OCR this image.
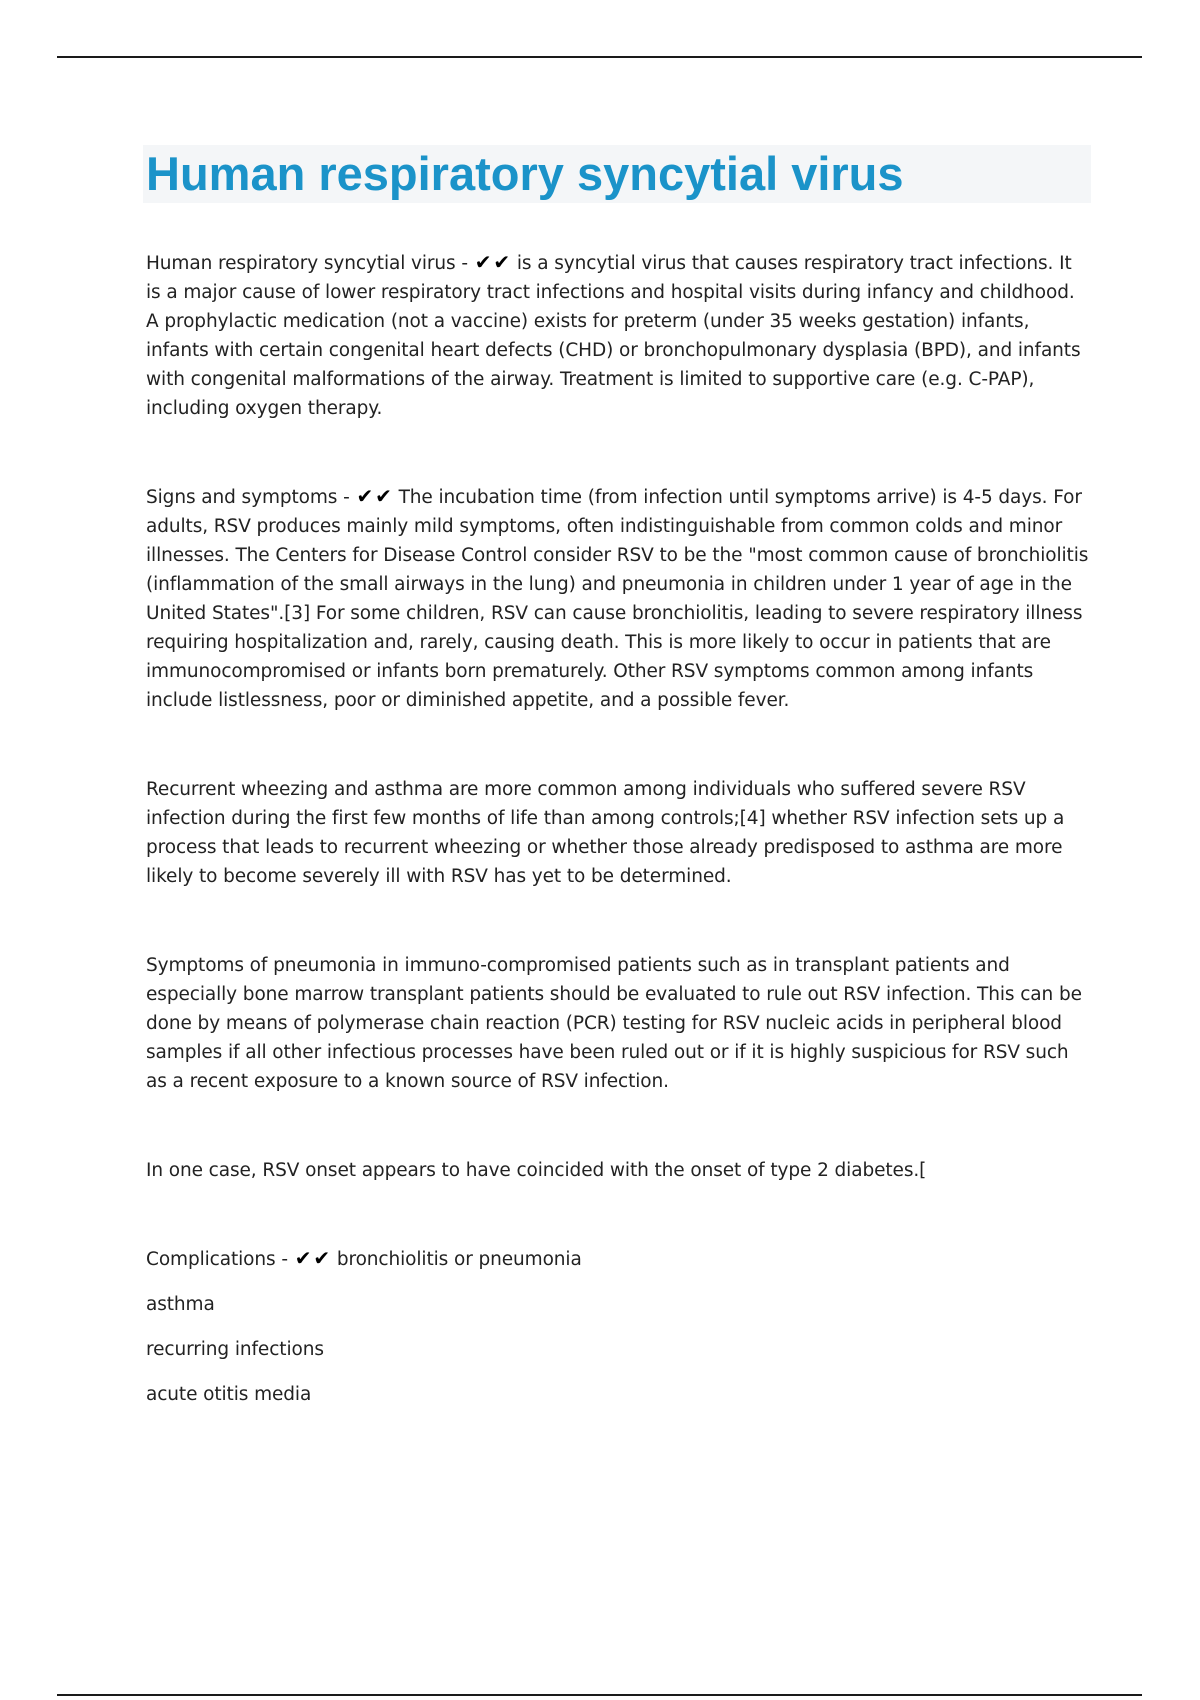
Human respiratory syncytial virus

Human respiratory syncytial virus - ✔ ✔ is a syncytial virus that causes respiratory tract infections. It is a major cause of lower respiratory tract infections and hospital visits during infancy and childhood. A prophylactic medication (not a vaccine) exists for preterm (under 35 weeks gestation) infants, infants with certain congenital heart defects (CHD) or bronchopulmonary dysplasia (BPD), and infants with congenital malformations of the airway. Treatment is limited to supportive care (e.g. C-PAP), including oxygen therapy.

Signs and symptoms - ✔ ✔ The incubation time (from infection until symptoms arrive) is 4-5 days. For adults, RSV produces mainly mild symptoms, often indistinguishable from common colds and minor illnesses. The Centers for Disease Control consider RSV to be the "most common cause of bronchiolitis (inflammation of the small airways in the lung) and pneumonia in children under 1 year of age in the United States".[3] For some children, RSV can cause bronchiolitis, leading to severe respiratory illness requiring hospitalization and, rarely, causing death. This is more likely to occur in patients that are immunocompromised or infants born prematurely. Other RSV symptoms common among infants include listlessness, poor or diminished appetite, and a possible fever.

Recurrent wheezing and asthma are more common among individuals who suffered severe RSV infection during the first few months of life than among controls;[4] whether RSV infection sets up a process that leads to recurrent wheezing or whether those already predisposed to asthma are more likely to become severely ill with RSV has yet to be determined.

Symptoms of pneumonia in immuno-compromised patients such as in transplant patients and especially bone marrow transplant patients should be evaluated to rule out RSV infection. This can be done by means of polymerase chain reaction (PCR) testing for RSV nucleic acids in peripheral blood samples if all other infectious processes have been ruled out or if it is highly suspicious for RSV such as a recent exposure to a known source of RSV infection.

In one case, RSV onset appears to have coincided with the onset of type 2 diabetes.[

Complications - ✔ ✔ bronchiolitis or pneumonia
asthma
recurring infections
acute otitis media
